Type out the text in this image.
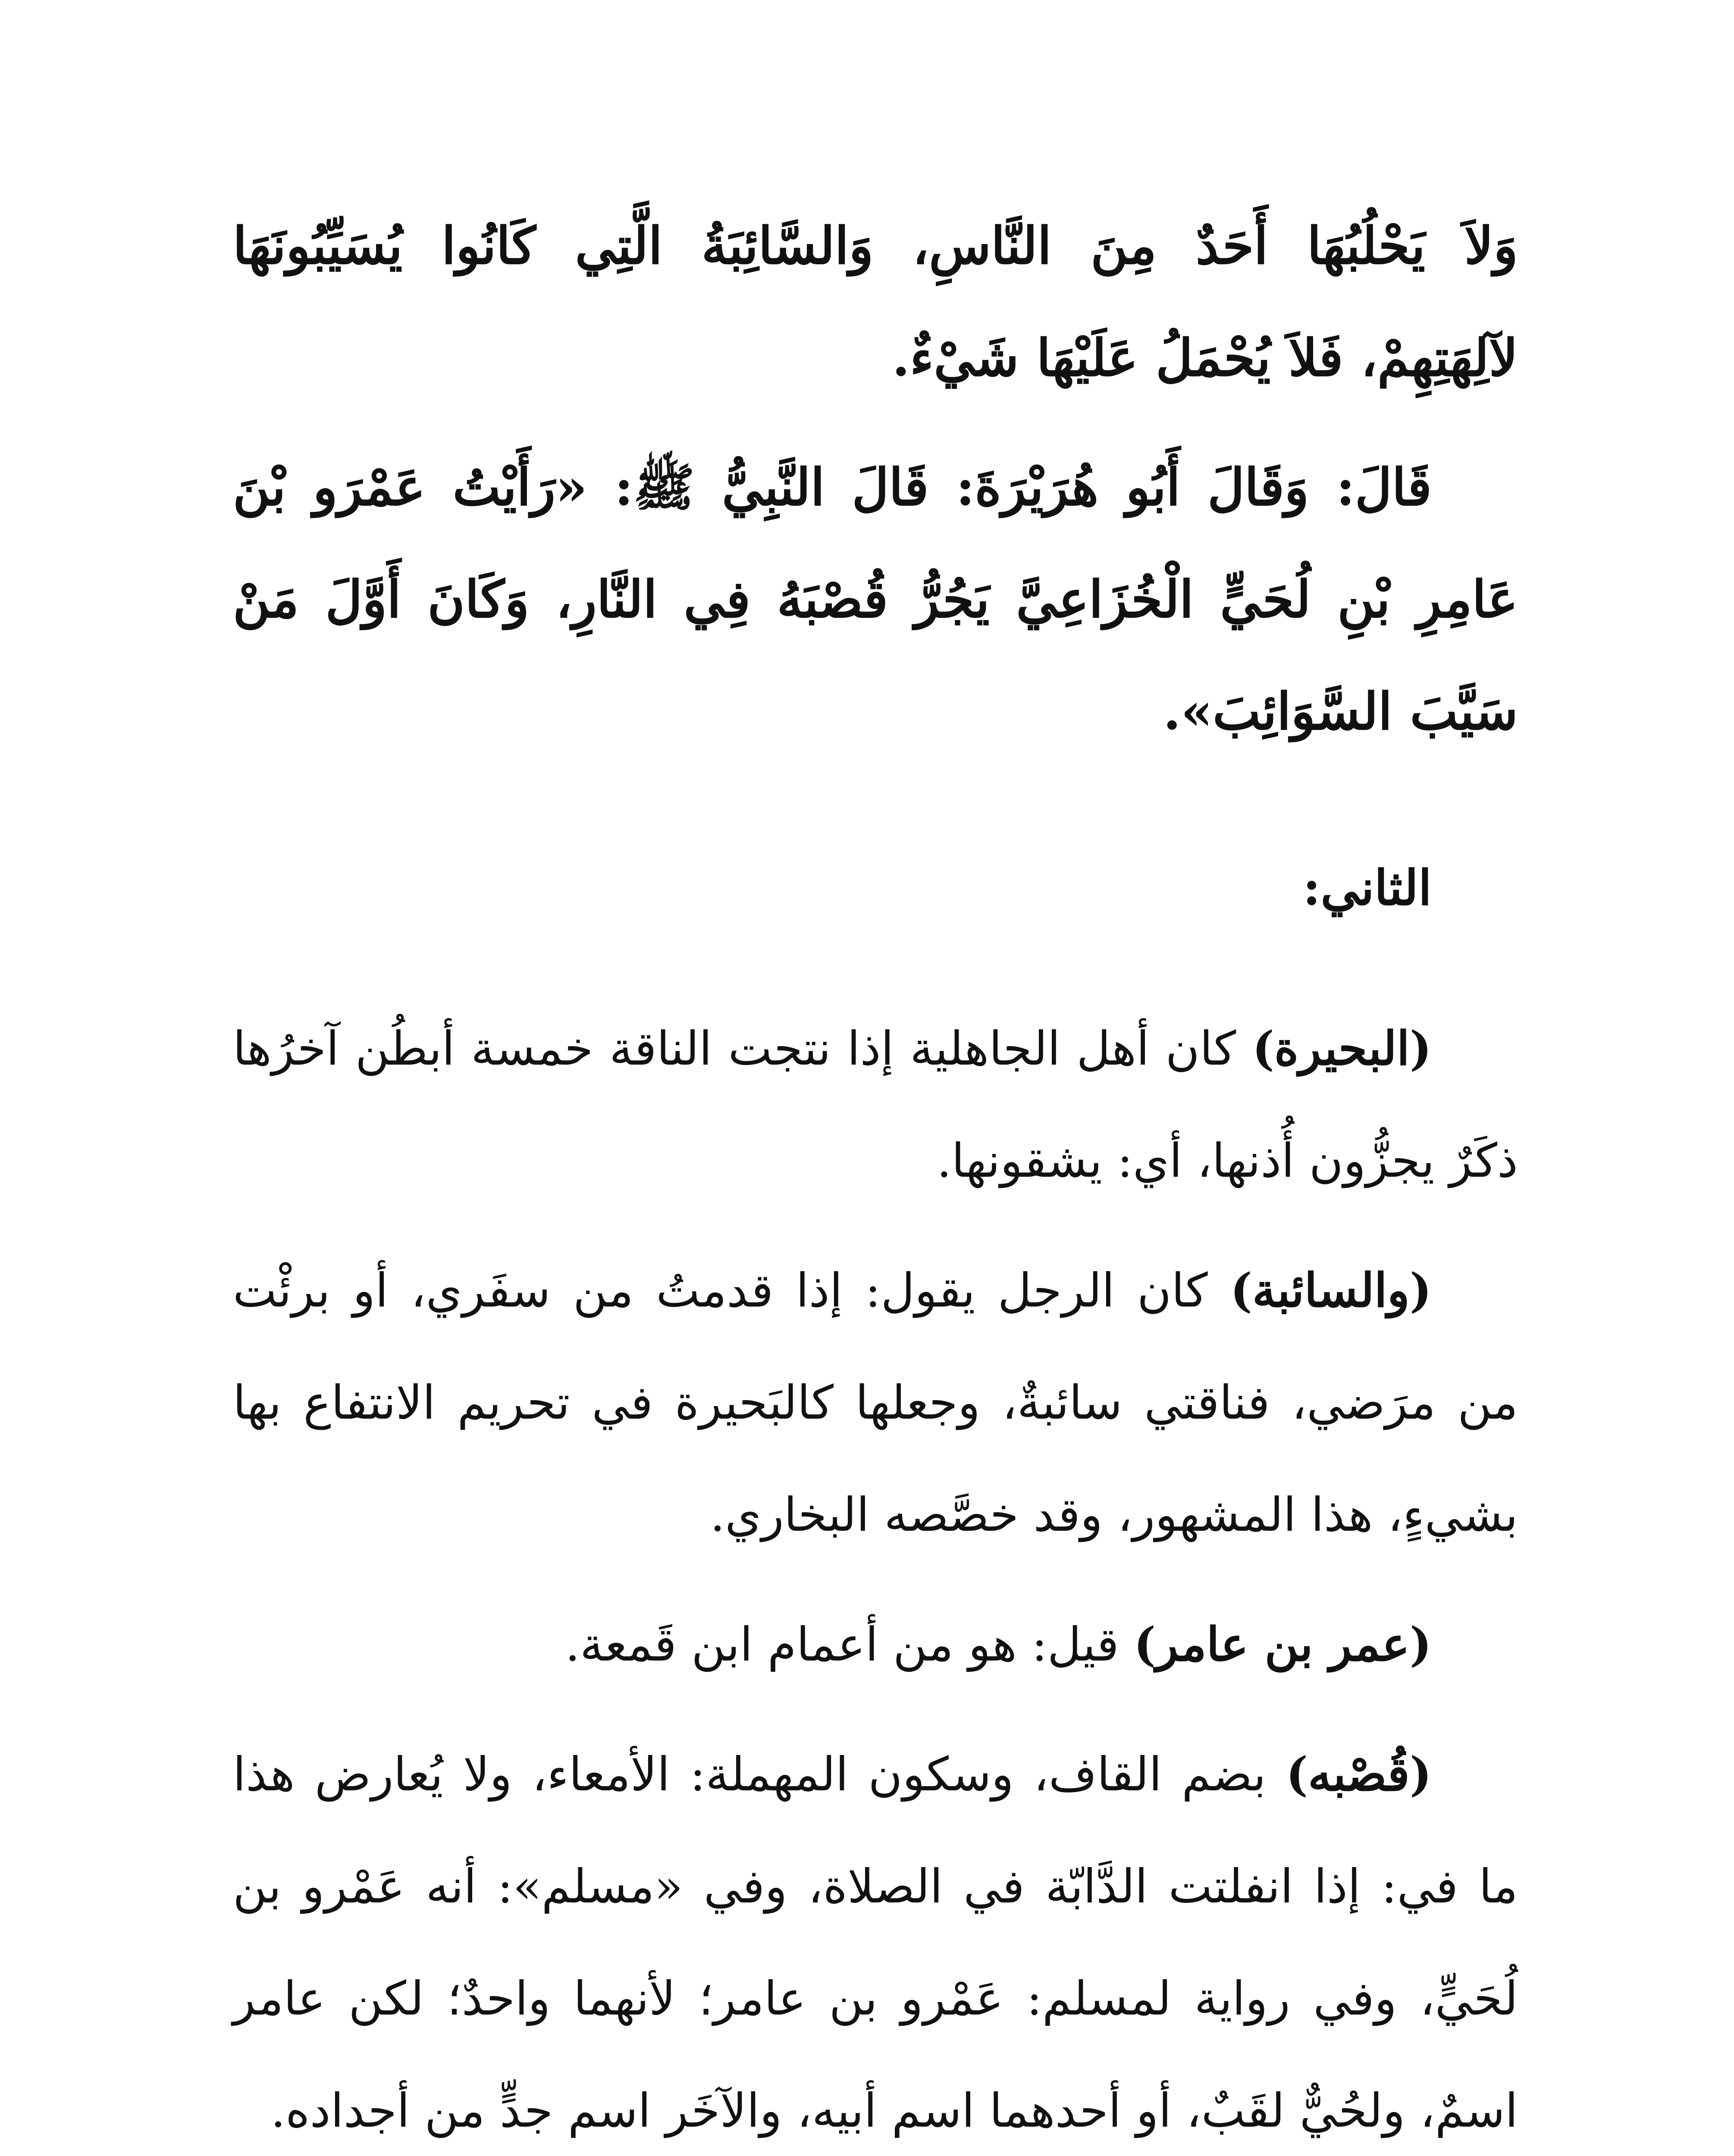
وَلاَ يَحْلُبُهَا أَحَدٌ مِنَ النَّاسِ، وَالسَّائِبَةُ الَّتِي كَانُوا يُسَيِّبُونَهَا لآلِهَتِهِمْ، فَلاَ يُحْمَلُ عَلَيْهَا شَيْءٌ.

قَالَ: وَقَالَ أَبُو هُرَيْرَةَ: قَالَ النَّبِيُّ ﷺ: «رَأَيْتُ عَمْرَو بْنَ عَامِرِ بْنِ لُحَيٍّ الْخُزَاعِيَّ يَجُرُّ قُصْبَهُ فِي النَّارِ، وَكَانَ أَوَّلَ مَنْ سَيَّبَ السَّوَائِبَ».

الثاني:

(البحيرة) كان أهل الجاهلية إذا نتجت الناقة خمسة أبطُن آخرُها ذكَرٌ يجزُّون أُذنها، أي: يشقونها.

(والسائبة) كان الرجل يقول: إذا قدمتُ من سفَري، أو برئْت من مرَضي، فناقتي سائبةٌ، وجعلها كالبَحيرة في تحريم الانتفاع بها بشيءٍ، هذا المشهور، وقد خصَّصه البخاري.

(عمر بن عامر) قيل: هو من أعمام ابن قَمعة.

(قُصْبه) بضم القاف، وسكون المهملة: الأمعاء، ولا يُعارض هذا ما في: إذا انفلتت الدَّابّة في الصلاة، وفي «مسلم»: أنه عَمْرو بن لُحَيٍّ، وفي رواية لمسلم: عَمْرو بن عامر؛ لأنهما واحدٌ؛ لكن عامر اسمٌ، ولحُيٌّ لقَبٌ، أو أحدهما اسم أبيه، والآخَر اسم جدٍّ من أجداده.
